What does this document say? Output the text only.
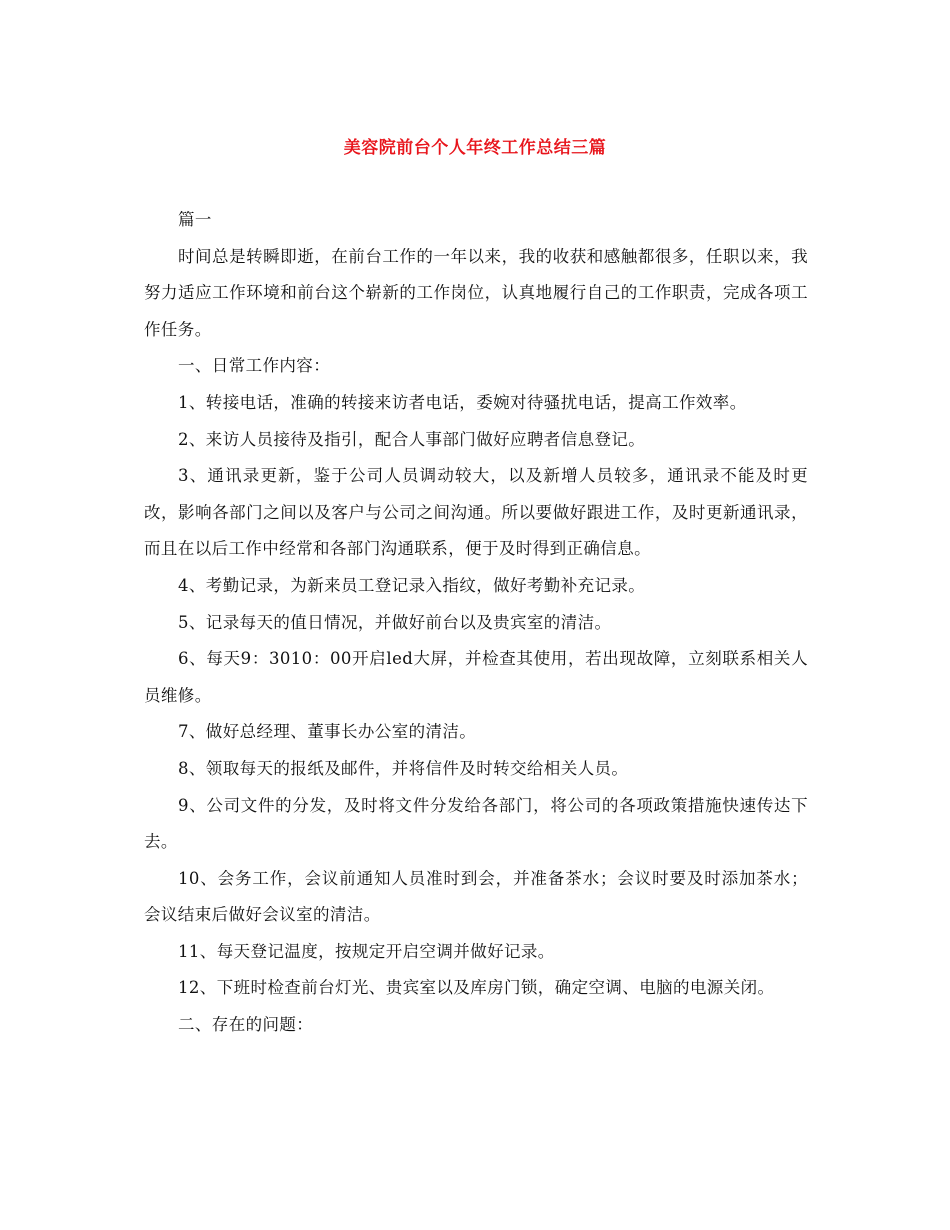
美容院前台个人年终工作总结三篇

篇一

时间总是转瞬即逝，在前台工作的一年以来，我的收获和感触都很多，任职以来，我努力适应工作环境和前台这个崭新的工作岗位，认真地履行自己的工作职责，完成各项工作任务。

一、日常工作内容：

1、转接电话，准确的转接来访者电话，委婉对待骚扰电话，提高工作效率。

2、来访人员接待及指引，配合人事部门做好应聘者信息登记。

3、通讯录更新，鉴于公司人员调动较大，以及新增人员较多，通讯录不能及时更改，影响各部门之间以及客户与公司之间沟通。所以要做好跟进工作，及时更新通讯录，而且在以后工作中经常和各部门沟通联系，便于及时得到正确信息。

4、考勤记录，为新来员工登记录入指纹，做好考勤补充记录。

5、记录每天的值日情况，并做好前台以及贵宾室的清洁。

6、每天9：3010：00开启led大屏，并检查其使用，若出现故障，立刻联系相关人员维修。

7、做好总经理、董事长办公室的清洁。

8、领取每天的报纸及邮件，并将信件及时转交给相关人员。

9、公司文件的分发，及时将文件分发给各部门，将公司的各项政策措施快速传达下去。

10、会务工作，会议前通知人员准时到会，并准备茶水；会议时要及时添加茶水；会议结束后做好会议室的清洁。

11、每天登记温度，按规定开启空调并做好记录。

12、下班时检查前台灯光、贵宾室以及库房门锁，确定空调、电脑的电源关闭。

二、存在的问题：
